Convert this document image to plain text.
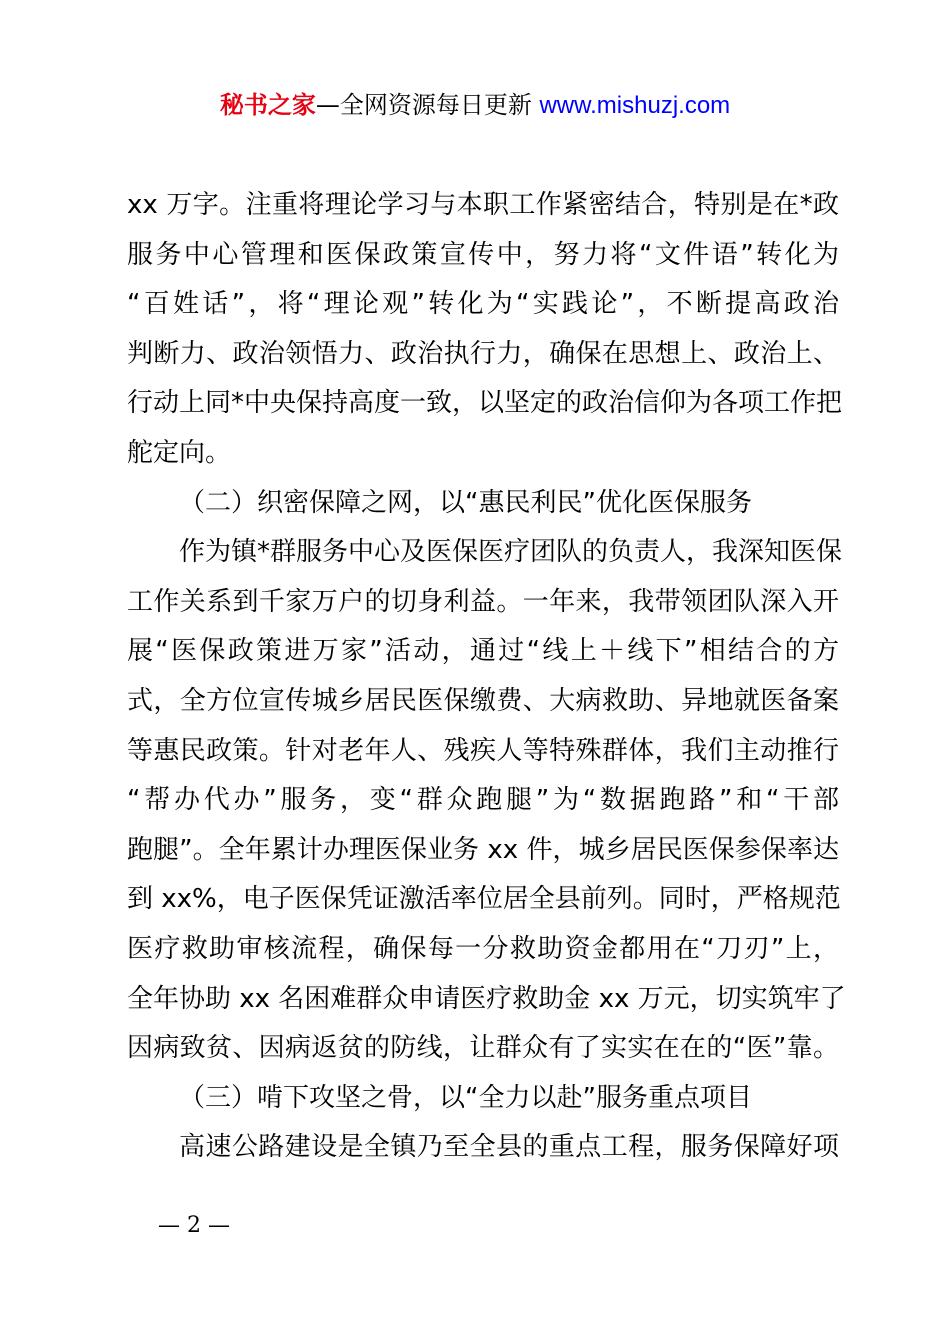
秘书之家—全网资源每日更新 www.mishuzj.com
xx 万字。注重将理论学习与本职工作紧密结合，特别是在*政
服务中心管理和医保政策宣传中，努力将“文件语”转化为
“百姓话”，将“理论观”转化为“实践论”，不断提高政治
判断力、政治领悟力、政治执行力，确保在思想上、政治上、
行动上同*中央保持高度一致，以坚定的政治信仰为各项工作把
舵定向。
（二）织密保障之网，以“惠民利民”优化医保服务
作为镇*群服务中心及医保医疗团队的负责人，我深知医保
工作关系到千家万户的切身利益。一年来，我带领团队深入开
展“医保政策进万家”活动，通过“线上＋线下”相结合的方
式，全方位宣传城乡居民医保缴费、大病救助、异地就医备案
等惠民政策。针对老年人、残疾人等特殊群体，我们主动推行
“帮办代办”服务，变“群众跑腿”为“数据跑路”和“干部
跑腿”。全年累计办理医保业务 xx 件，城乡居民医保参保率达
到 xx%，电子医保凭证激活率位居全县前列。同时，严格规范
医疗救助审核流程，确保每一分救助资金都用在“刀刃”上，
全年协助 xx 名困难群众申请医疗救助金 xx 万元，切实筑牢了
因病致贫、因病返贫的防线，让群众有了实实在在的“医”靠。
（三）啃下攻坚之骨，以“全力以赴”服务重点项目
高速公路建设是全镇乃至全县的重点工程，服务保障好项
— 2 —
